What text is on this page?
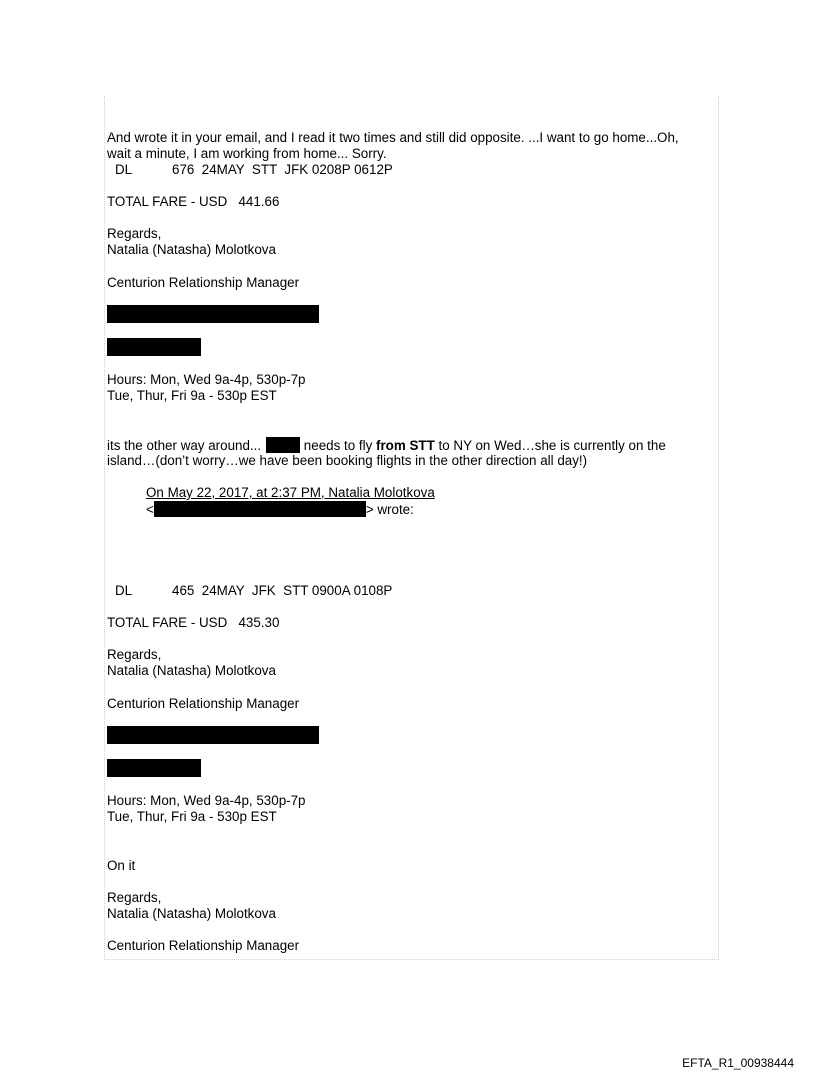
And wrote it in your email, and I read it two times and still did opposite. ...I want to go home...Oh,
wait a minute, I am working from home... Sorry.
DL	676  24MAY  STT  JFK 0208P 0612P
TOTAL FARE - USD   441.66
Regards,
Natalia (Natasha) Molotkova
Centurion Relationship Manager
Hours: Mon, Wed 9a-4p, 530p-7p
Tue, Thur, Fri 9a - 530p EST
its the other way around...	needs to fly from STT to NY on Wed…she is currently on the
island…(don’t worry…we have been booking flights in the other direction all day!)
On May 22, 2017, at 2:37 PM, Natalia Molotkova
<	> wrote:
DL	465  24MAY  JFK  STT 0900A 0108P
TOTAL FARE - USD   435.30
Regards,
Natalia (Natasha) Molotkova
Centurion Relationship Manager
Hours: Mon, Wed 9a-4p, 530p-7p
Tue, Thur, Fri 9a - 530p EST
On it
Regards,
Natalia (Natasha) Molotkova
Centurion Relationship Manager
EFTA_R1_00938444
